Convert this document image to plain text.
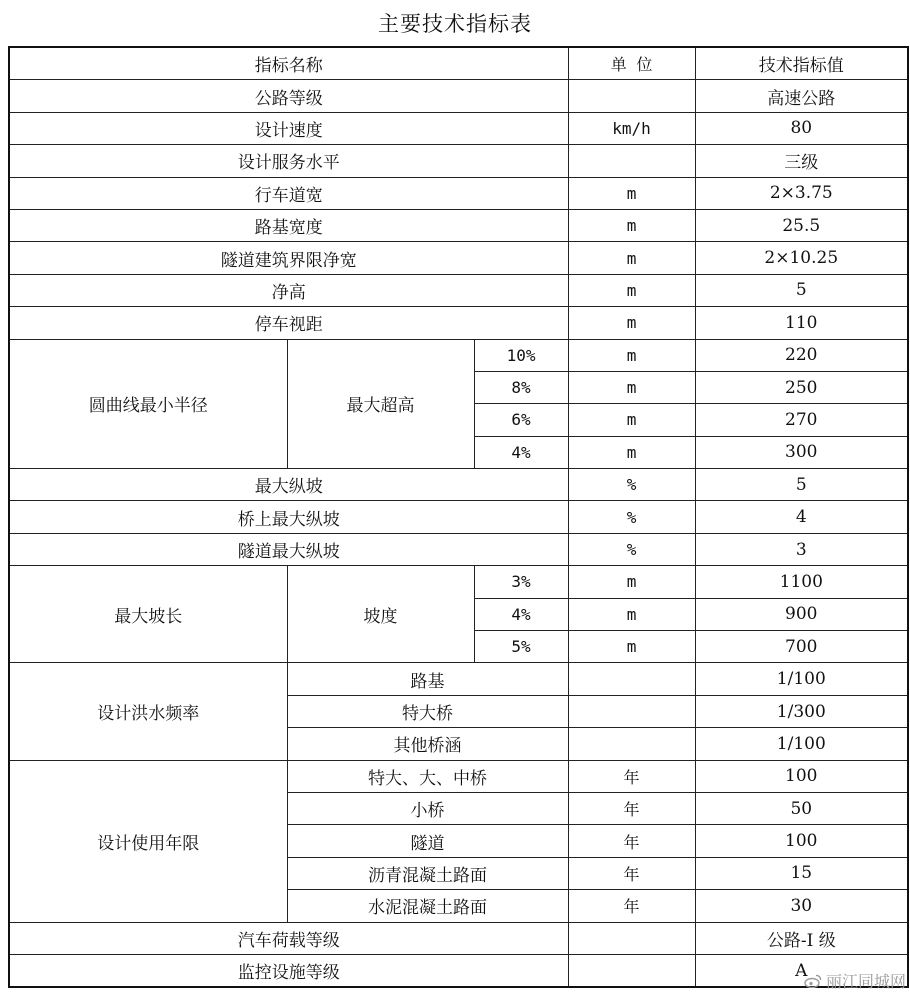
主要技术指标表
指标名称			单 位	技术指标值
公路等级				高速公路
设计速度			km/h	80
设计服务水平				三级
行车道宽			m	2×3.75
路基宽度			m	25.5
隧道建筑界限净宽			m	2×10.25
净高			m	5
停车视距			m	110
圆曲线最小半径	最大超高	10%	m	220
		8%	m	250
		6%	m	270
		4%	m	300
最大纵坡			%	5
桥上最大纵坡			%	4
隧道最大纵坡			%	3
最大坡长	坡度	3%	m	1100
		4%	m	900
		5%	m	700
设计洪水频率	路基			1/100
	特大桥			1/300
	其他桥涵			1/100
设计使用年限	特大、大、中桥		年	100
	小桥		年	50
	隧道		年	100
	沥青混凝土路面		年	15
	水泥混凝土路面		年	30
汽车荷载等级				公路-I 级
监控设施等级				A
丽江同城网
